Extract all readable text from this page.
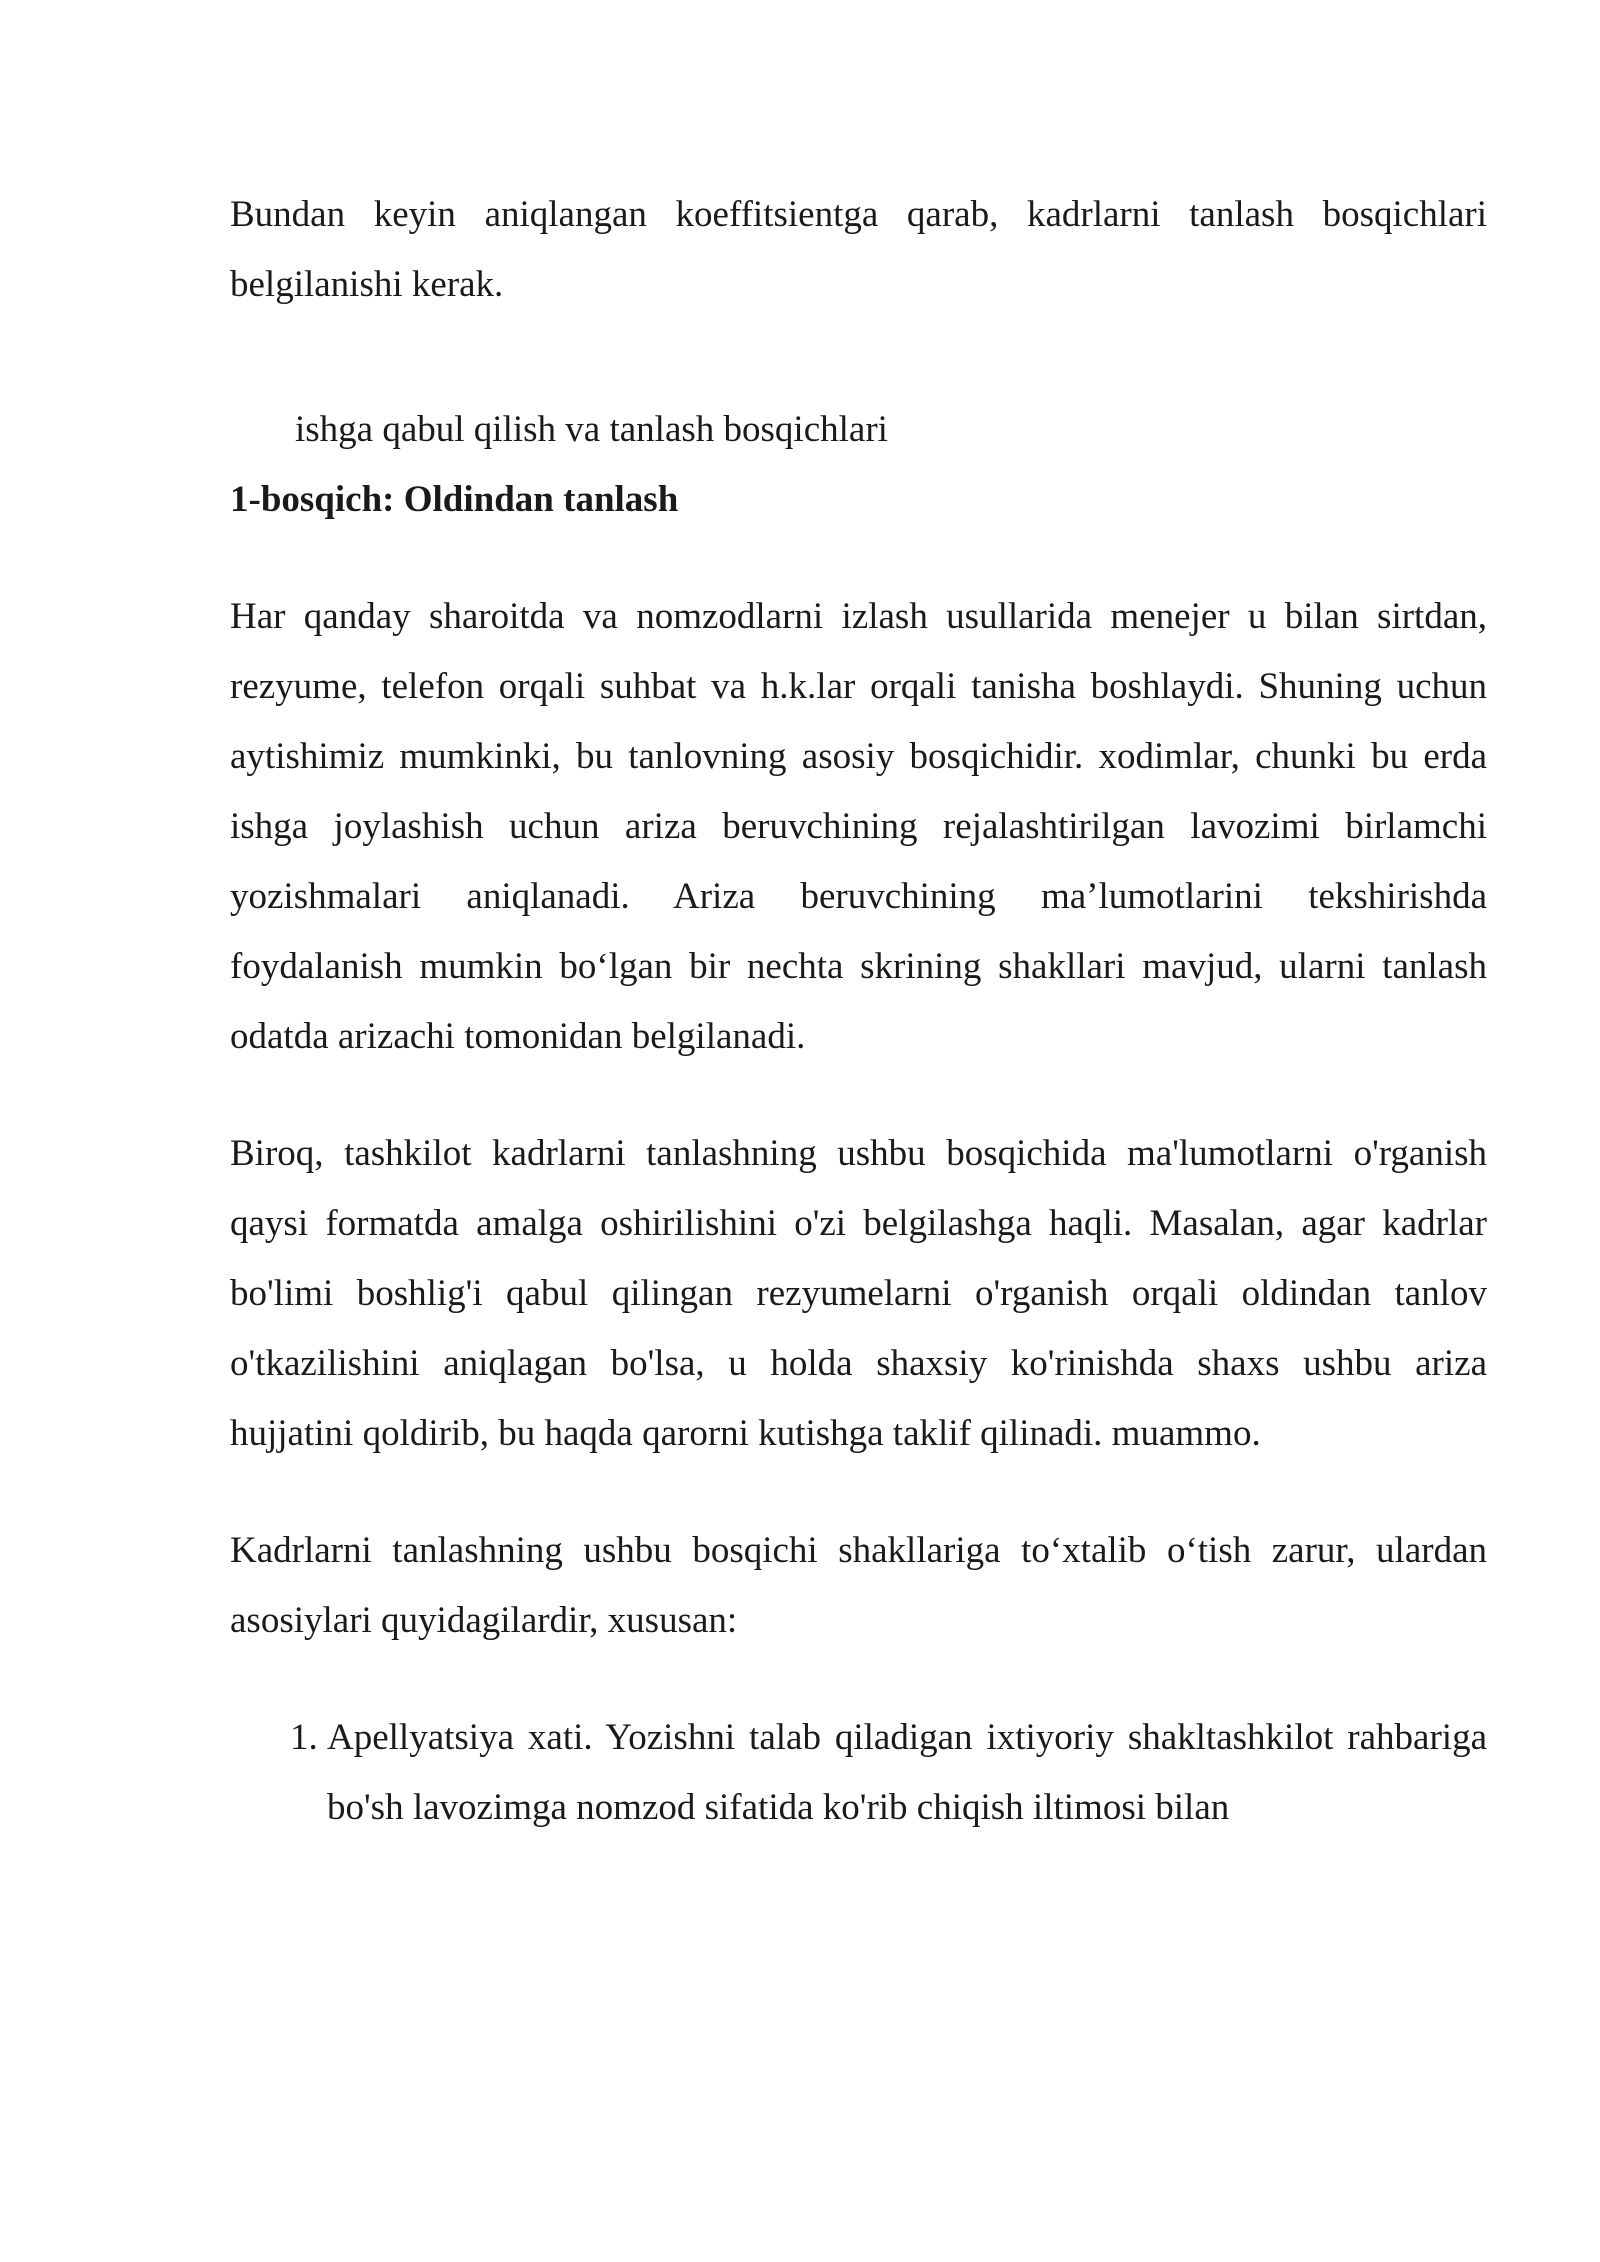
Bundan keyin aniqlangan koeffitsientga qarab, kadrlarni tanlash bosqichlari belgilanishi kerak.

ishga qabul qilish va tanlash bosqichlari

1-bosqich: Oldindan tanlash

Har qanday sharoitda va nomzodlarni izlash usullarida menejer u bilan sirtdan, rezyume, telefon orqali suhbat va h.k.lar orqali tanisha boshlaydi. Shuning uchun aytishimiz mumkinki, bu tanlovning asosiy bosqichidir. xodimlar, chunki bu erda ishga joylashish uchun ariza beruvchining rejalashtirilgan lavozimi birlamchi yozishmalari aniqlanadi. Ariza beruvchining ma’lumotlarini tekshirishda foydalanish mumkin bo‘lgan bir nechta skrining shakllari mavjud, ularni tanlash odatda arizachi tomonidan belgilanadi.

Biroq, tashkilot kadrlarni tanlashning ushbu bosqichida ma'lumotlarni o'rganish qaysi formatda amalga oshirilishini o'zi belgilashga haqli. Masalan, agar kadrlar bo'limi boshlig'i qabul qilingan rezyumelarni o'rganish orqali oldindan tanlov o'tkazilishini aniqlagan bo'lsa, u holda shaxsiy ko'rinishda shaxs ushbu ariza hujjatini qoldirib, bu haqda qarorni kutishga taklif qilinadi. muammo.

Kadrlarni tanlashning ushbu bosqichi shakllariga to‘xtalib o‘tish zarur, ulardan asosiylari quyidagilardir, xususan:

1. Apellyatsiya xati. Yozishni talab qiladigan ixtiyoriy shakltashkilot rahbariga bo'sh lavozimga nomzod sifatida ko'rib chiqish iltimosi bilan
